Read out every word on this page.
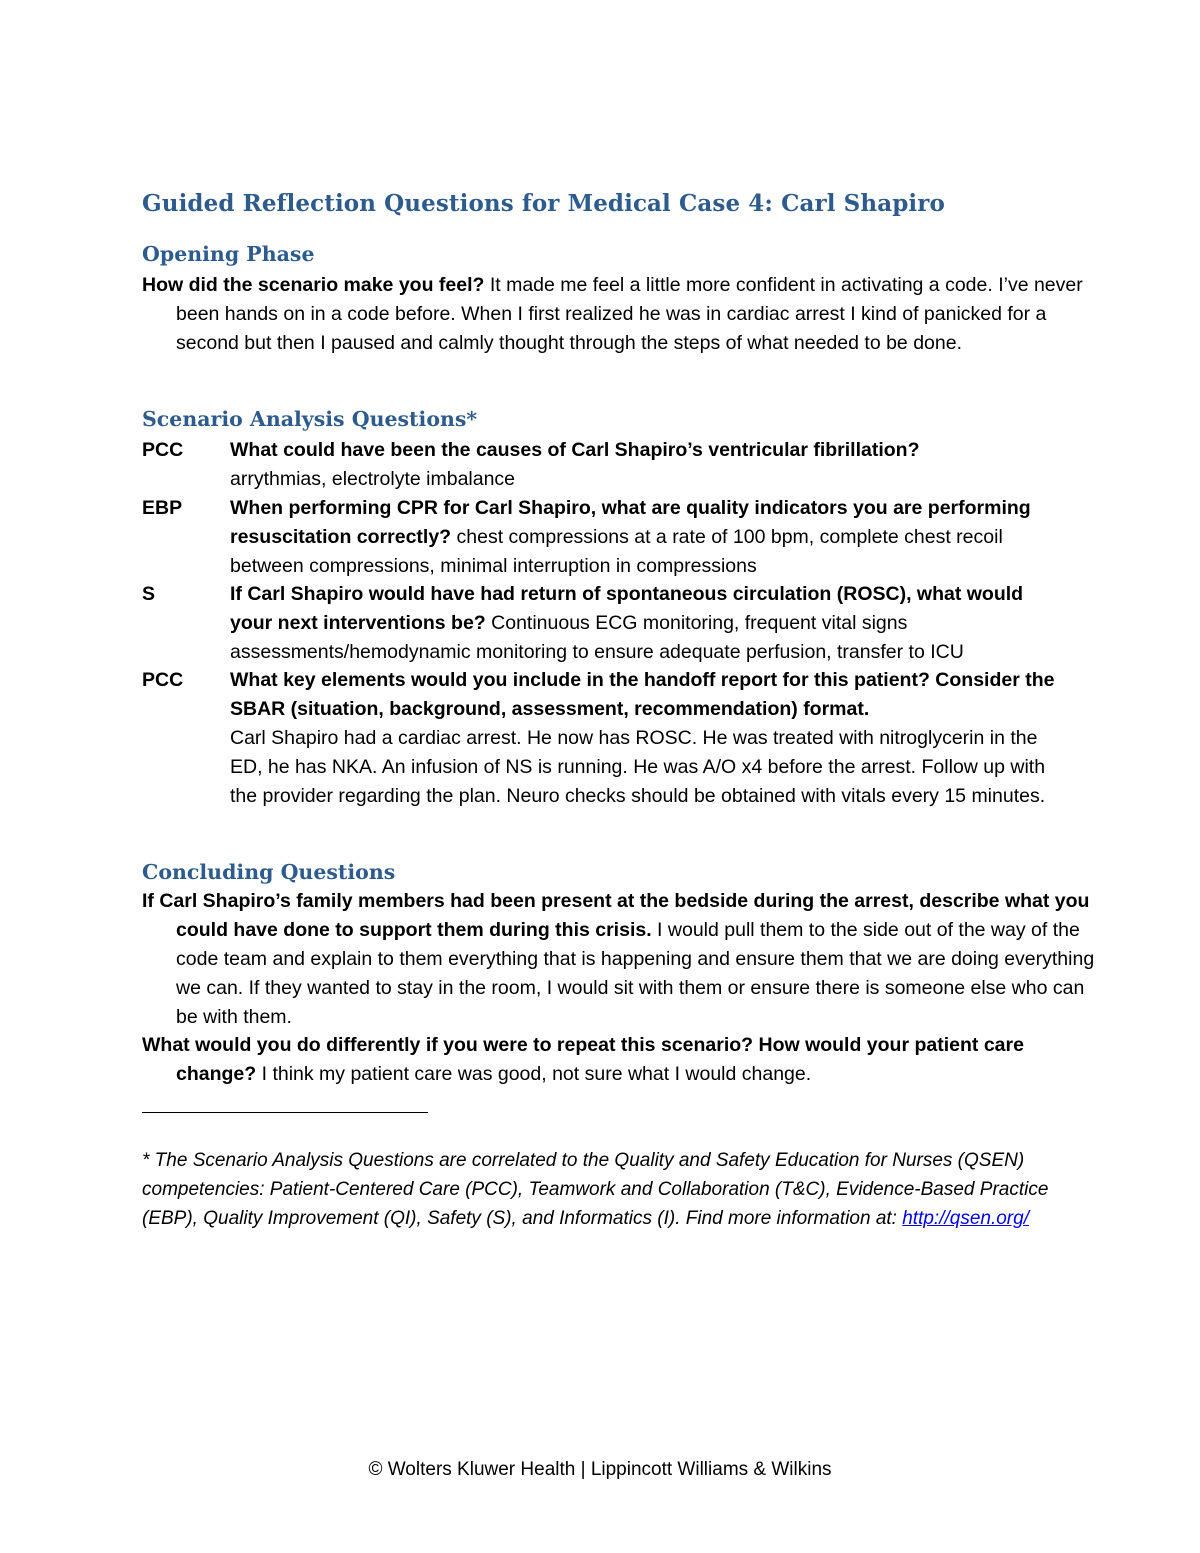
Guided Reflection Questions for Medical Case 4: Carl Shapiro
Opening Phase
How did the scenario make you feel? It made me feel a little more confident in activating a code. I’ve never been hands on in a code before. When I first realized he was in cardiac arrest I kind of panicked for a second but then I paused and calmly thought through the steps of what needed to be done.
Scenario Analysis Questions*
PCC What could have been the causes of Carl Shapiro’s ventricular fibrillation?
arrythmias, electrolyte imbalance
EBP When performing CPR for Carl Shapiro, what are quality indicators you are performing resuscitation correctly? chest compressions at a rate of 100 bpm, complete chest recoil between compressions, minimal interruption in compressions
S	If Carl Shapiro would have had return of spontaneous circulation (ROSC), what would your next interventions be? Continuous ECG monitoring, frequent vital signs assessments/hemodynamic monitoring to ensure adequate perfusion, transfer to ICU
PCC What key elements would you include in the handoff report for this patient? Consider the SBAR (situation, background, assessment, recommendation) format.
Carl Shapiro had a cardiac arrest. He now has ROSC. He was treated with nitroglycerin in the ED, he has NKA. An infusion of NS is running. He was A/O x4 before the arrest. Follow up with the provider regarding the plan. Neuro checks should be obtained with vitals every 15 minutes.
Concluding Questions
If Carl Shapiro’s family members had been present at the bedside during the arrest, describe what you could have done to support them during this crisis. I would pull them to the side out of the way of the code team and explain to them everything that is happening and ensure them that we are doing everything we can. If they wanted to stay in the room, I would sit with them or ensure there is someone else who can be with them.
What would you do differently if you were to repeat this scenario? How would your patient care change? I think my patient care was good, not sure what I would change.
* The Scenario Analysis Questions are correlated to the Quality and Safety Education for Nurses (QSEN) competencies: Patient-Centered Care (PCC), Teamwork and Collaboration (T&C), Evidence-Based Practice (EBP), Quality Improvement (QI), Safety (S), and Informatics (I). Find more information at: http://qsen.org/
© Wolters Kluwer Health | Lippincott Williams & Wilkins
